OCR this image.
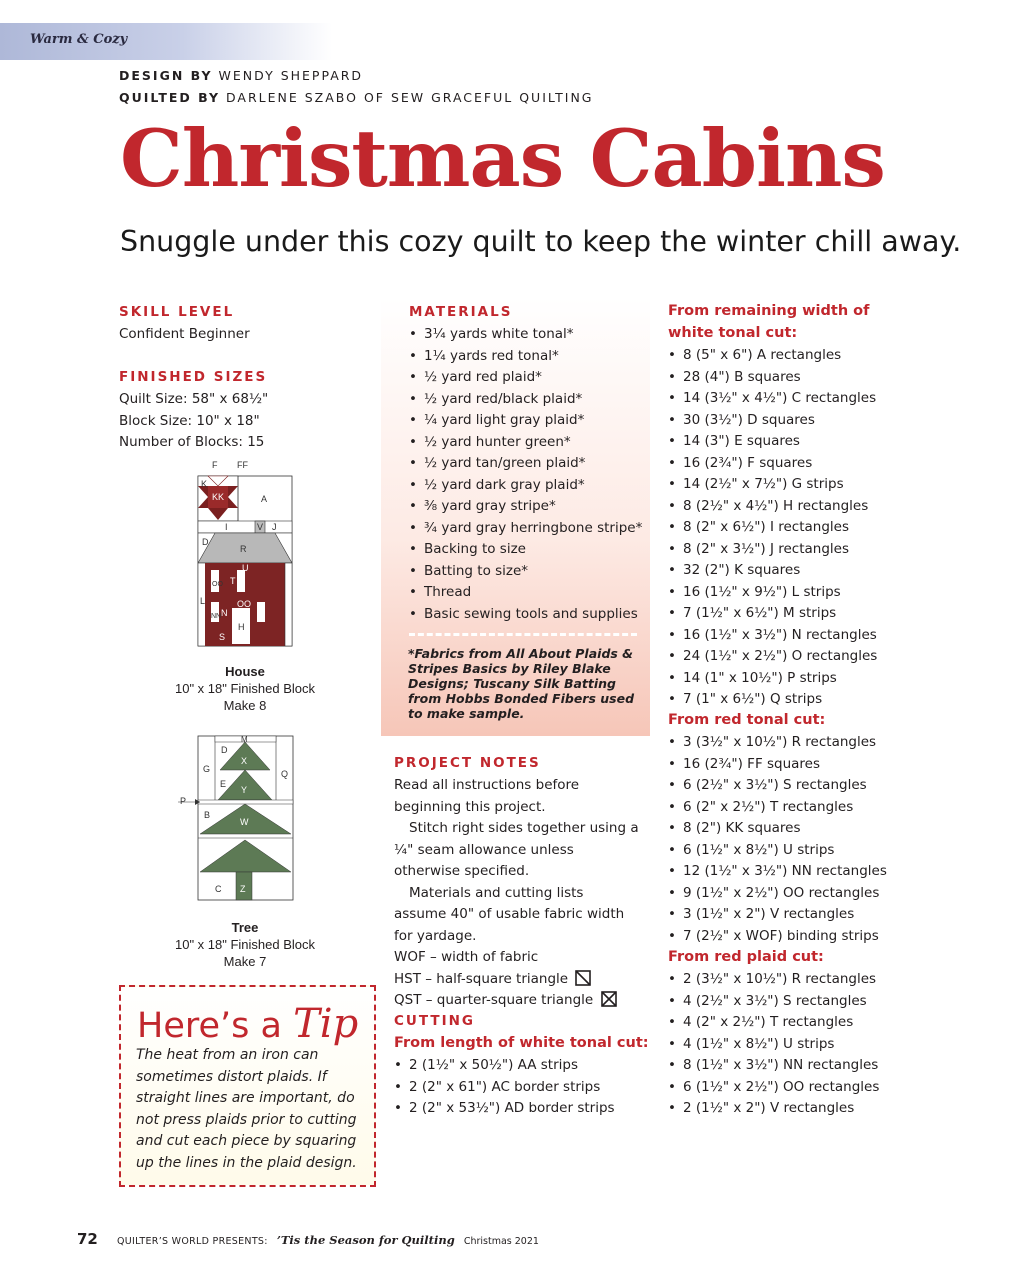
Warm & Cozy
DESIGN BY WENDY SHEPPARD
QUILTED BY DARLENE SZABO OF SEW GRACEFUL QUILTING
Christmas Cabins
Snuggle under this cozy quilt to keep the winter chill away.
SKILL LEVEL
Confident Beginner
FINISHED SIZES
Quilt Size: 58" x 68½"
Block Size: 10" x 18"
Number of Blocks: 15
F FF
K
KK	A
I	V J
D
R
U
OO T
L
NN N
OO
H
S
House
10" x 18" Finished Block
Make 8
M
D
X
G	Q
E
Y
P
B
W
C Z
Tree
10" x 18" Finished Block
Make 7
Here’s a Tip
The heat from an iron can sometimes distort plaids. If straight lines are important, do not press plaids prior to cutting and cut each piece by squaring up the lines in the plaid design.
MATERIALS
• 3¼ yards white tonal*
• 1¼ yards red tonal*
• ½ yard red plaid*
• ½ yard red/black plaid*
• ¼ yard light gray plaid*
• ½ yard hunter green*
• ½ yard tan/green plaid*
• ½ yard dark gray plaid*
• ⅜ yard gray stripe*
• ¾ yard gray herringbone stripe*
• Backing to size
• Batting to size*
• Thread
• Basic sewing tools and supplies
*Fabrics from All About Plaids & Stripes Basics by Riley Blake Designs; Tuscany Silk Batting from Hobbs Bonded Fibers used to make sample.
PROJECT NOTES
Read all instructions before beginning this project.
Stitch right sides together using a ¼" seam allowance unless otherwise specified.
Materials and cutting lists assume 40" of usable fabric width for yardage.
WOF – width of fabric
HST – half-square triangle
QST – quarter-square triangle
CUTTING
From length of white tonal cut:
• 2 (1½" x 50½") AA strips
• 2 (2" x 61") AC border strips
• 2 (2" x 53½") AD border strips
From remaining width of
white tonal cut:
• 8 (5" x 6") A rectangles
• 28 (4") B squares
• 14 (3½" x 4½") C rectangles
• 30 (3½") D squares
• 14 (3") E squares
• 16 (2¾") F squares
• 14 (2½" x 7½") G strips
• 8 (2½" x 4½") H rectangles
• 8 (2" x 6½") I rectangles
• 8 (2" x 3½") J rectangles
• 32 (2") K squares
• 16 (1½" x 9½") L strips
• 7 (1½" x 6½") M strips
• 16 (1½" x 3½") N rectangles
• 24 (1½" x 2½") O rectangles
• 14 (1" x 10½") P strips
• 7 (1" x 6½") Q strips
From red tonal cut:
• 3 (3½" x 10½") R rectangles
• 16 (2¾") FF squares
• 6 (2½" x 3½") S rectangles
• 6 (2" x 2½") T rectangles
• 8 (2") KK squares
• 6 (1½" x 8½") U strips
• 12 (1½" x 3½") NN rectangles
• 9 (1½" x 2½") OO rectangles
• 3 (1½" x 2") V rectangles
• 7 (2½" x WOF) binding strips
From red plaid cut:
• 2 (3½" x 10½") R rectangles
• 4 (2½" x 3½") S rectangles
• 4 (2" x 2½") T rectangles
• 4 (1½" x 8½") U strips
• 8 (1½" x 3½") NN rectangles
• 6 (1½" x 2½") OO rectangles
• 2 (1½" x 2") V rectangles
72 QUILTER’S WORLD PRESENTS: ’Tis the Season for Quilting Christmas 2021
